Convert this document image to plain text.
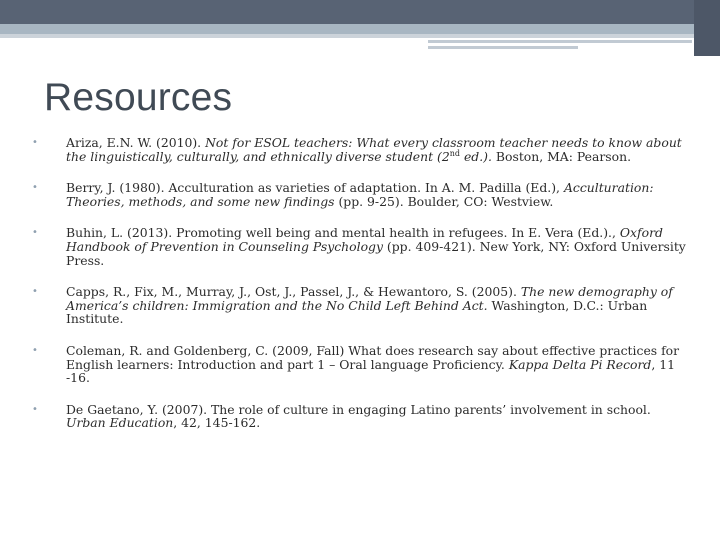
Resources
• Ariza, E.N. W. (2010). Not for ESOL teachers: What every classroom teacher needs to know about the linguistically, culturally, and ethnically diverse student (2nd ed.). Boston, MA: Pearson.
• Berry, J. (1980). Acculturation as varieties of adaptation. In A. M. Padilla (Ed.), Acculturation: Theories, methods, and some new findings (pp. 9-25). Boulder, CO: Westview.
• Buhin, L. (2013). Promoting well being and mental health in refugees. In E. Vera (Ed.)., Oxford Handbook of Prevention in Counseling Psychology (pp. 409-421). New York, NY: Oxford University Press.
• Capps, R., Fix, M., Murray, J., Ost, J., Passel, J., & Hewantoro, S. (2005). The new demography of America’s children: Immigration and the No Child Left Behind Act. Washington, D.C.: Urban Institute.
• Coleman, R. and Goldenberg, C. (2009, Fall) What does research say about effective practices for English learners: Introduction and part 1 – Oral language Proficiency. Kappa Delta Pi Record, 11 -16.
• De Gaetano, Y. (2007). The role of culture in engaging Latino parents’ involvement in school. Urban Education, 42, 145-162.
